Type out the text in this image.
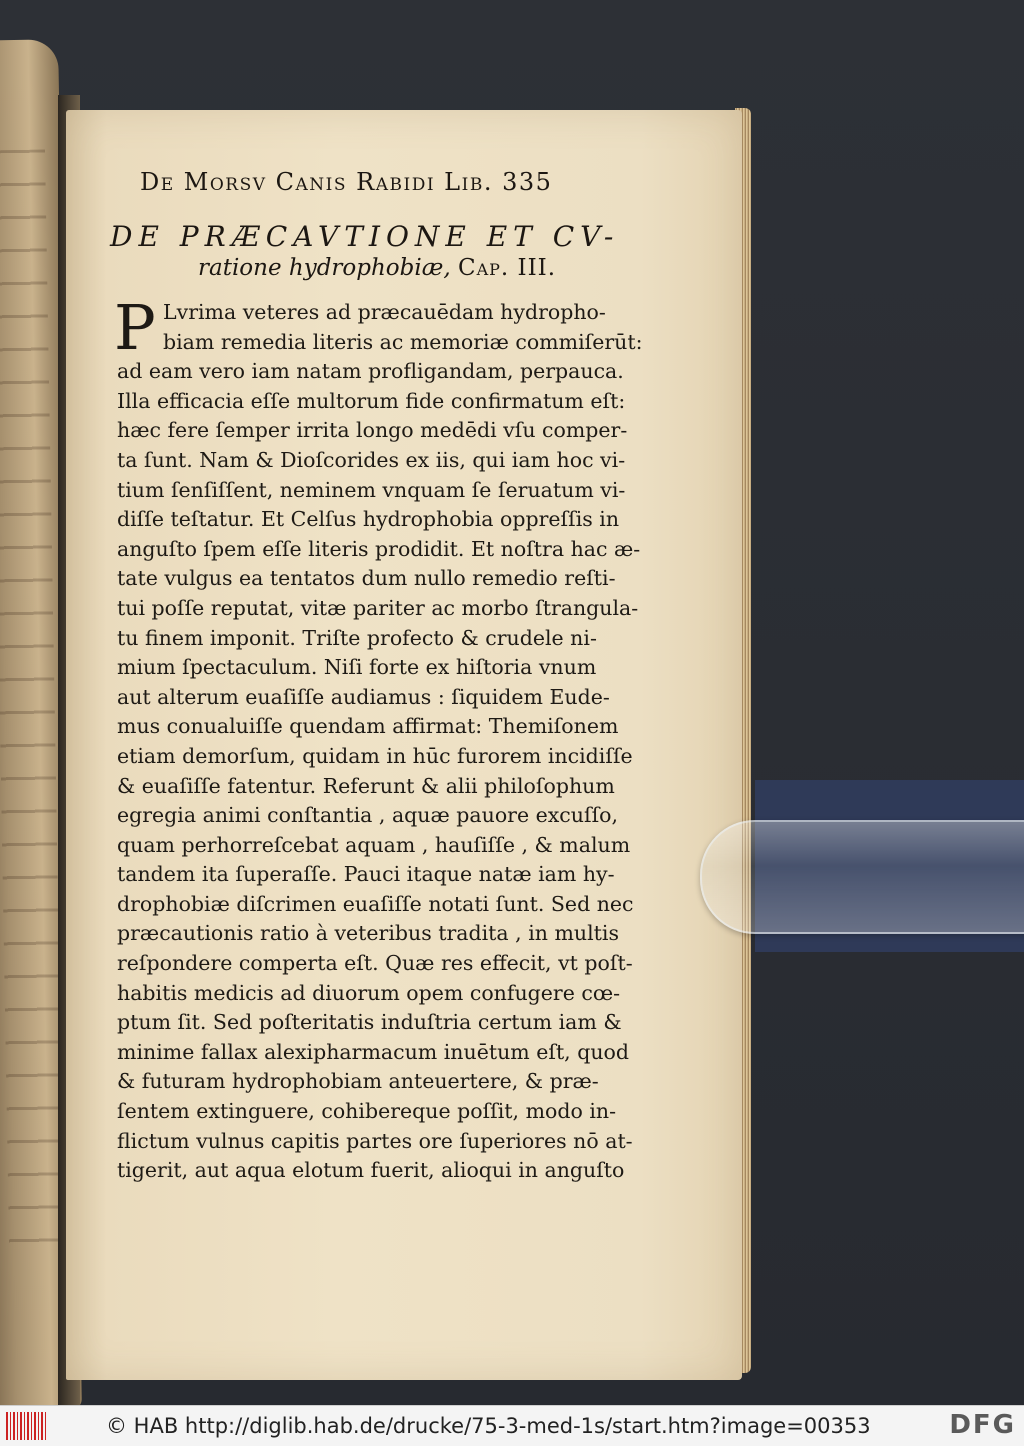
De Morsv Canis Rabidi Lib. 335
DE PRÆCAVTIONE ET CV-
ratione hydrophobiæ, Cap. III.
P Lvrima veteres ad præcauēdam hydropho-
biam remedia literis ac memoriæ commiſerūt:
ad eam vero iam natam profligandam, perpauca.
Illa efficacia eſſe multorum fide confirmatum eſt:
hæc fere ſemper irrita longo medēdi vſu comper-
ta ſunt. Nam & Dioſcorides ex iis, qui iam hoc vi-
tium ſenſiſſent, neminem vnquam ſe ſeruatum vi-
diſſe teſtatur. Et Celſus hydrophobia oppreſſis in
anguſto ſpem eſſe literis prodidit. Et noſtra hac æ-
tate vulgus ea tentatos dum nullo remedio reſti-
tui poſſe reputat, vitæ pariter ac morbo ſtrangula-
tu finem imponit. Triſte profecto & crudele ni-
mium ſpectaculum. Niſi forte ex hiſtoria vnum
aut alterum euaſiſſe audiamus : ſiquidem Eude-
mus conualuiſſe quendam affirmat: Themiſonem
etiam demorſum, quidam in hūc furorem incidiſſe
& euaſiſſe fatentur. Referunt & alii philoſophum
egregia animi conſtantia , aquæ pauore excuſſo,
quam perhorreſcebat aquam , hauſiſſe , & malum
tandem ita ſuperaſſe. Pauci itaque natæ iam hy-
drophobiæ diſcrimen euaſiſſe notati ſunt. Sed nec
præcautionis ratio à veteribus tradita , in multis
reſpondere comperta eſt. Quæ res effecit, vt poſt-
habitis medicis ad diuorum opem confugere cœ-
ptum ſit. Sed poſteritatis induſtria certum iam &
minime fallax alexipharmacum inuētum eſt, quod
& futuram hydrophobiam anteuertere, & præ-
ſentem extinguere, cohibereque poſſit, modo in-
flictum vulnus capitis partes ore ſuperiores nō at-
tigerit, aut aqua elotum fuerit, alioqui in anguſto
© HAB http://diglib.hab.de/drucke/75-3-med-1s/start.htm?image=00353	DFG
